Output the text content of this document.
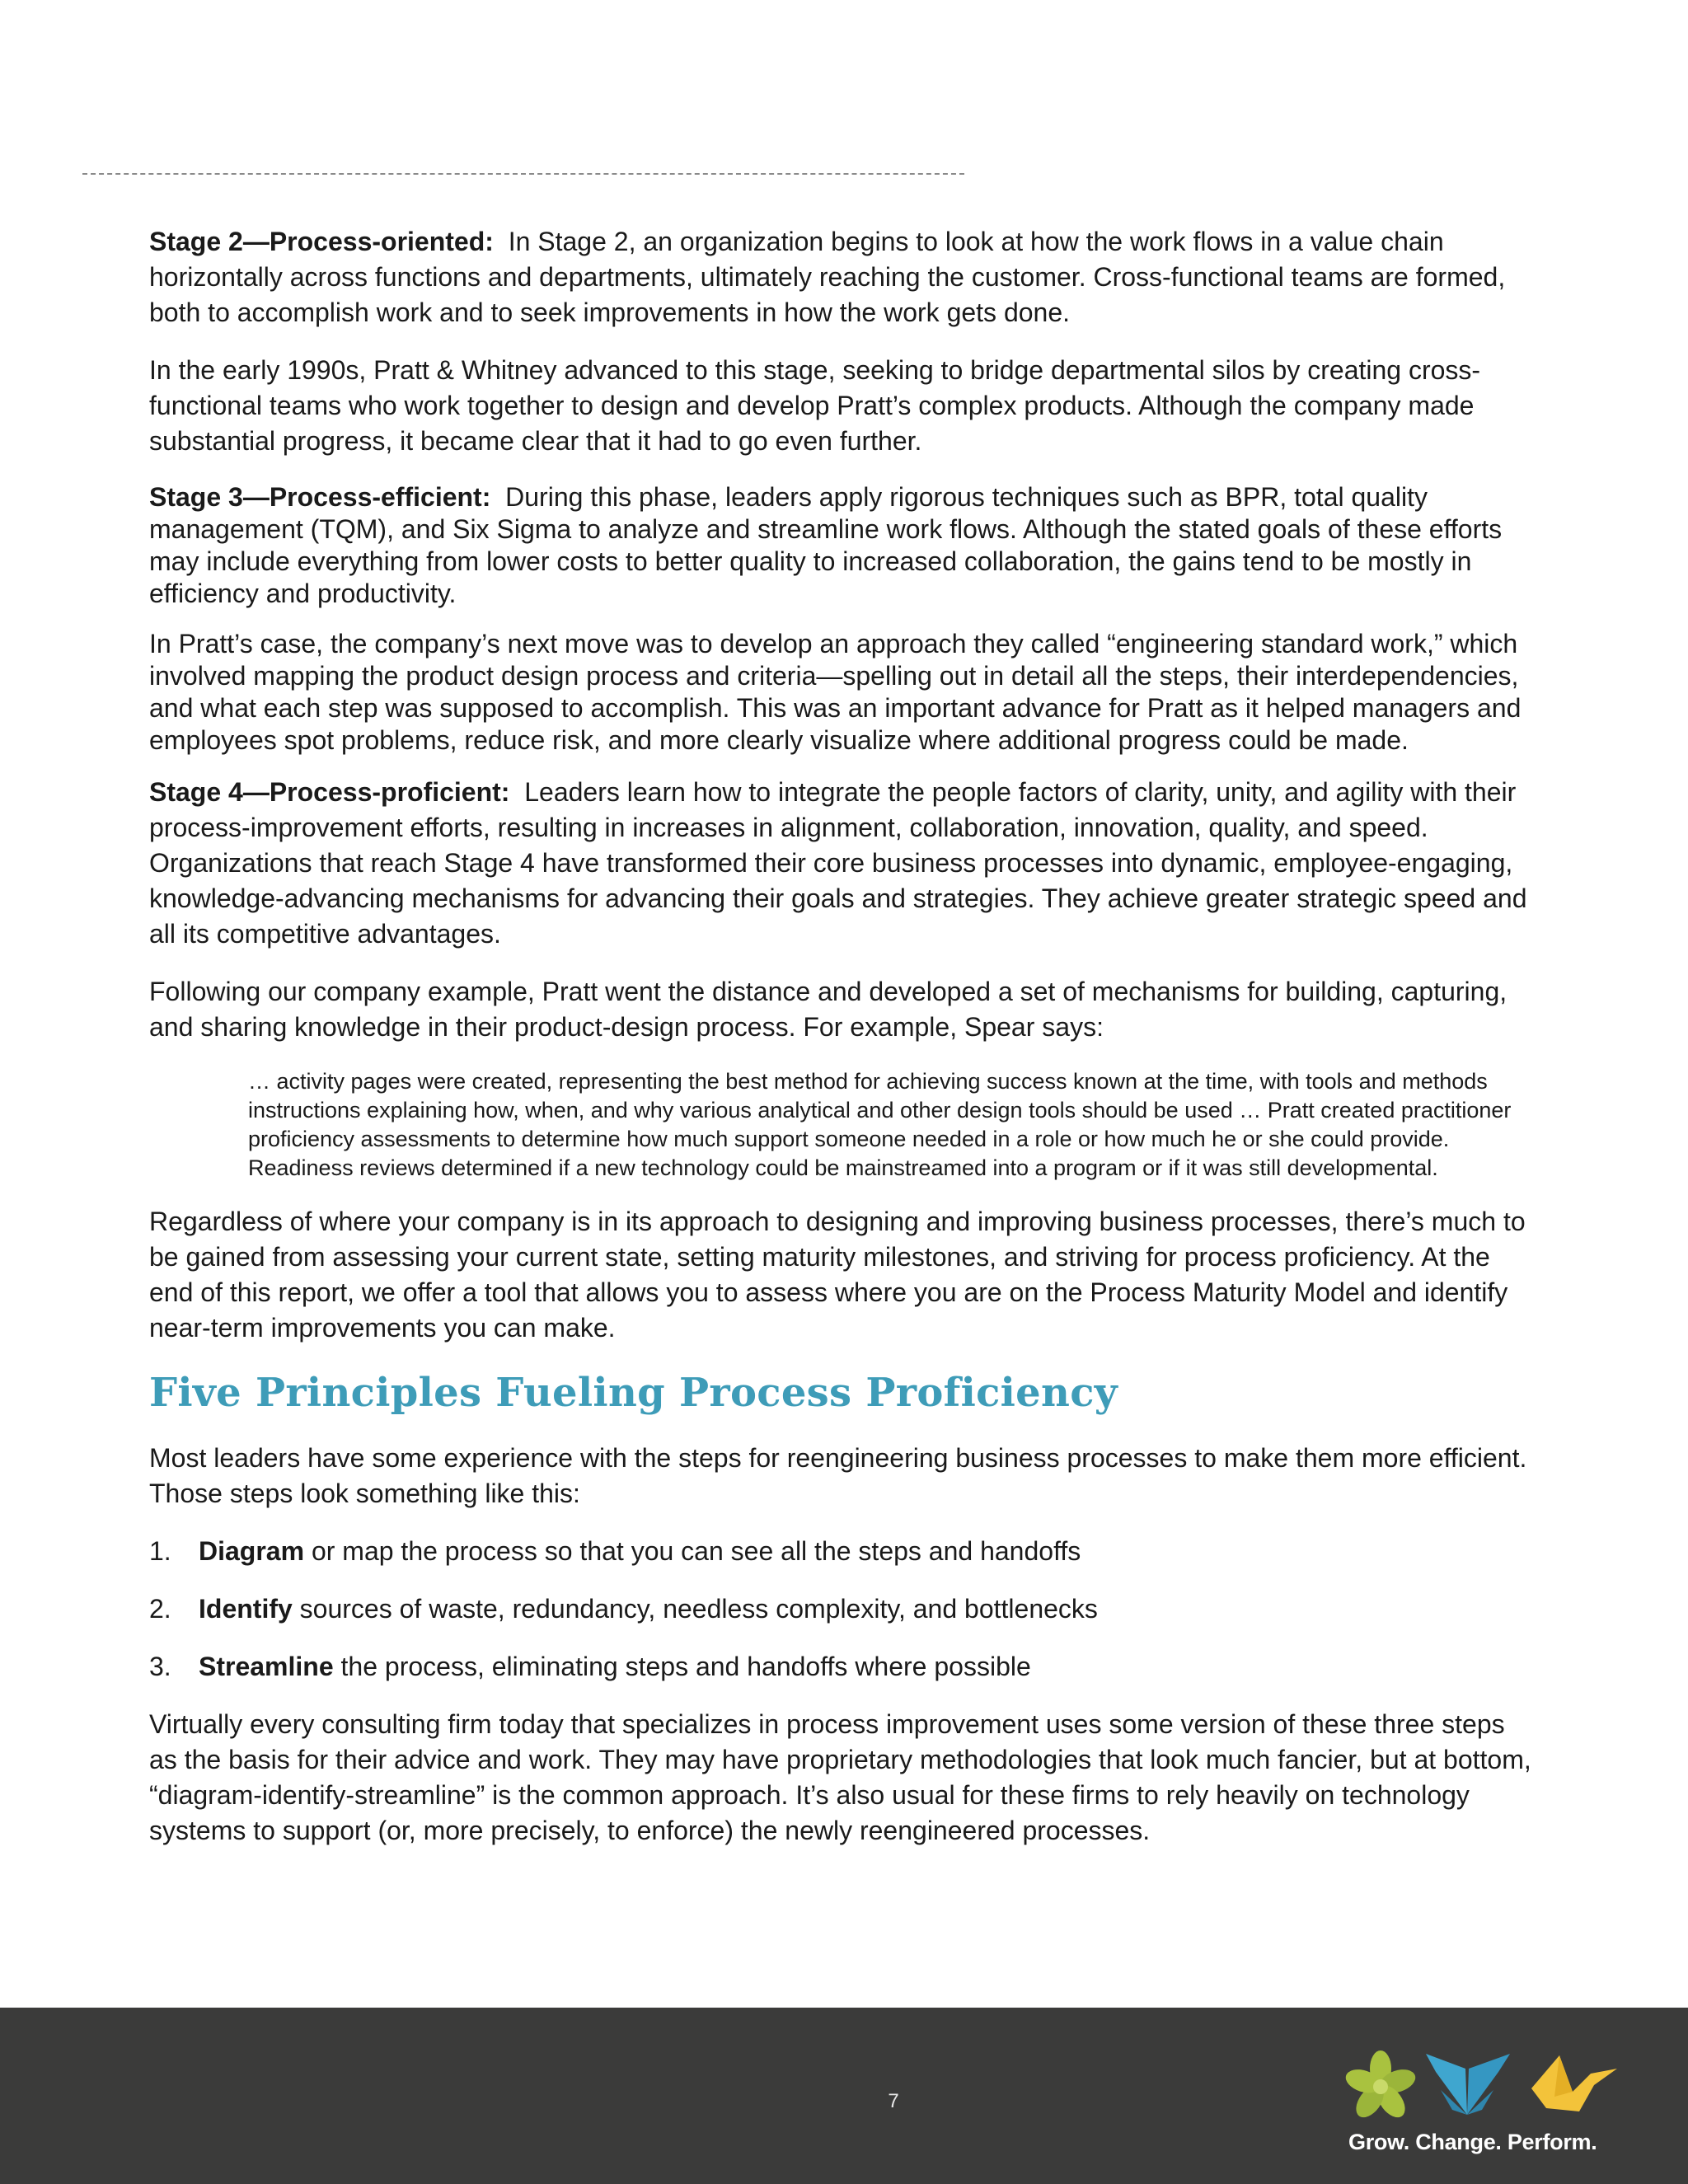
Stage 2—Process-oriented: In Stage 2, an organization begins to look at how the work flows in a value chain horizontally across functions and departments, ultimately reaching the customer. Cross-functional teams are formed, both to accomplish work and to seek improvements in how the work gets done.

In the early 1990s, Pratt & Whitney advanced to this stage, seeking to bridge departmental silos by creating cross-functional teams who work together to design and develop Pratt’s complex products. Although the company made substantial progress, it became clear that it had to go even further.

Stage 3—Process-efficient: During this phase, leaders apply rigorous techniques such as BPR, total quality management (TQM), and Six Sigma to analyze and streamline work flows. Although the stated goals of these efforts may include everything from lower costs to better quality to increased collaboration, the gains tend to be mostly in efficiency and productivity.

In Pratt’s case, the company’s next move was to develop an approach they called “engineering standard work,” which involved mapping the product design process and criteria—spelling out in detail all the steps, their interdependencies, and what each step was supposed to accomplish. This was an important advance for Pratt as it helped managers and employees spot problems, reduce risk, and more clearly visualize where additional progress could be made.

Stage 4—Process-proficient: Leaders learn how to integrate the people factors of clarity, unity, and agility with their process-improvement efforts, resulting in increases in alignment, collaboration, innovation, quality, and speed. Organizations that reach Stage 4 have transformed their core business processes into dynamic, employee-engaging, knowledge-advancing mechanisms for advancing their goals and strategies. They achieve greater strategic speed and all its competitive advantages.

Following our company example, Pratt went the distance and developed a set of mechanisms for building, capturing, and sharing knowledge in their product-design process. For example, Spear says:

… activity pages were created, representing the best method for achieving success known at the time, with tools and methods instructions explaining how, when, and why various analytical and other design tools should be used … Pratt created practitioner proficiency assessments to determine how much support someone needed in a role or how much he or she could provide. Readiness reviews determined if a new technology could be mainstreamed into a program or if it was still developmental.

Regardless of where your company is in its approach to designing and improving business processes, there’s much to be gained from assessing your current state, setting maturity milestones, and striving for process proficiency. At the end of this report, we offer a tool that allows you to assess where you are on the Process Maturity Model and identify near-term improvements you can make.

Five Principles Fueling Process Proficiency

Most leaders have some experience with the steps for reengineering business processes to make them more efficient. Those steps look something like this:

1.	Diagram or map the process so that you can see all the steps and handoffs
2.	Identify sources of waste, redundancy, needless complexity, and bottlenecks
3.	Streamline the process, eliminating steps and handoffs where possible

Virtually every consulting firm today that specializes in process improvement uses some version of these three steps as the basis for their advice and work. They may have proprietary methodologies that look much fancier, but at bottom, “diagram-identify-streamline” is the common approach. It’s also usual for these firms to rely heavily on technology systems to support (or, more precisely, to enforce) the newly reengineered processes.

7
Grow. Change. Perform.
